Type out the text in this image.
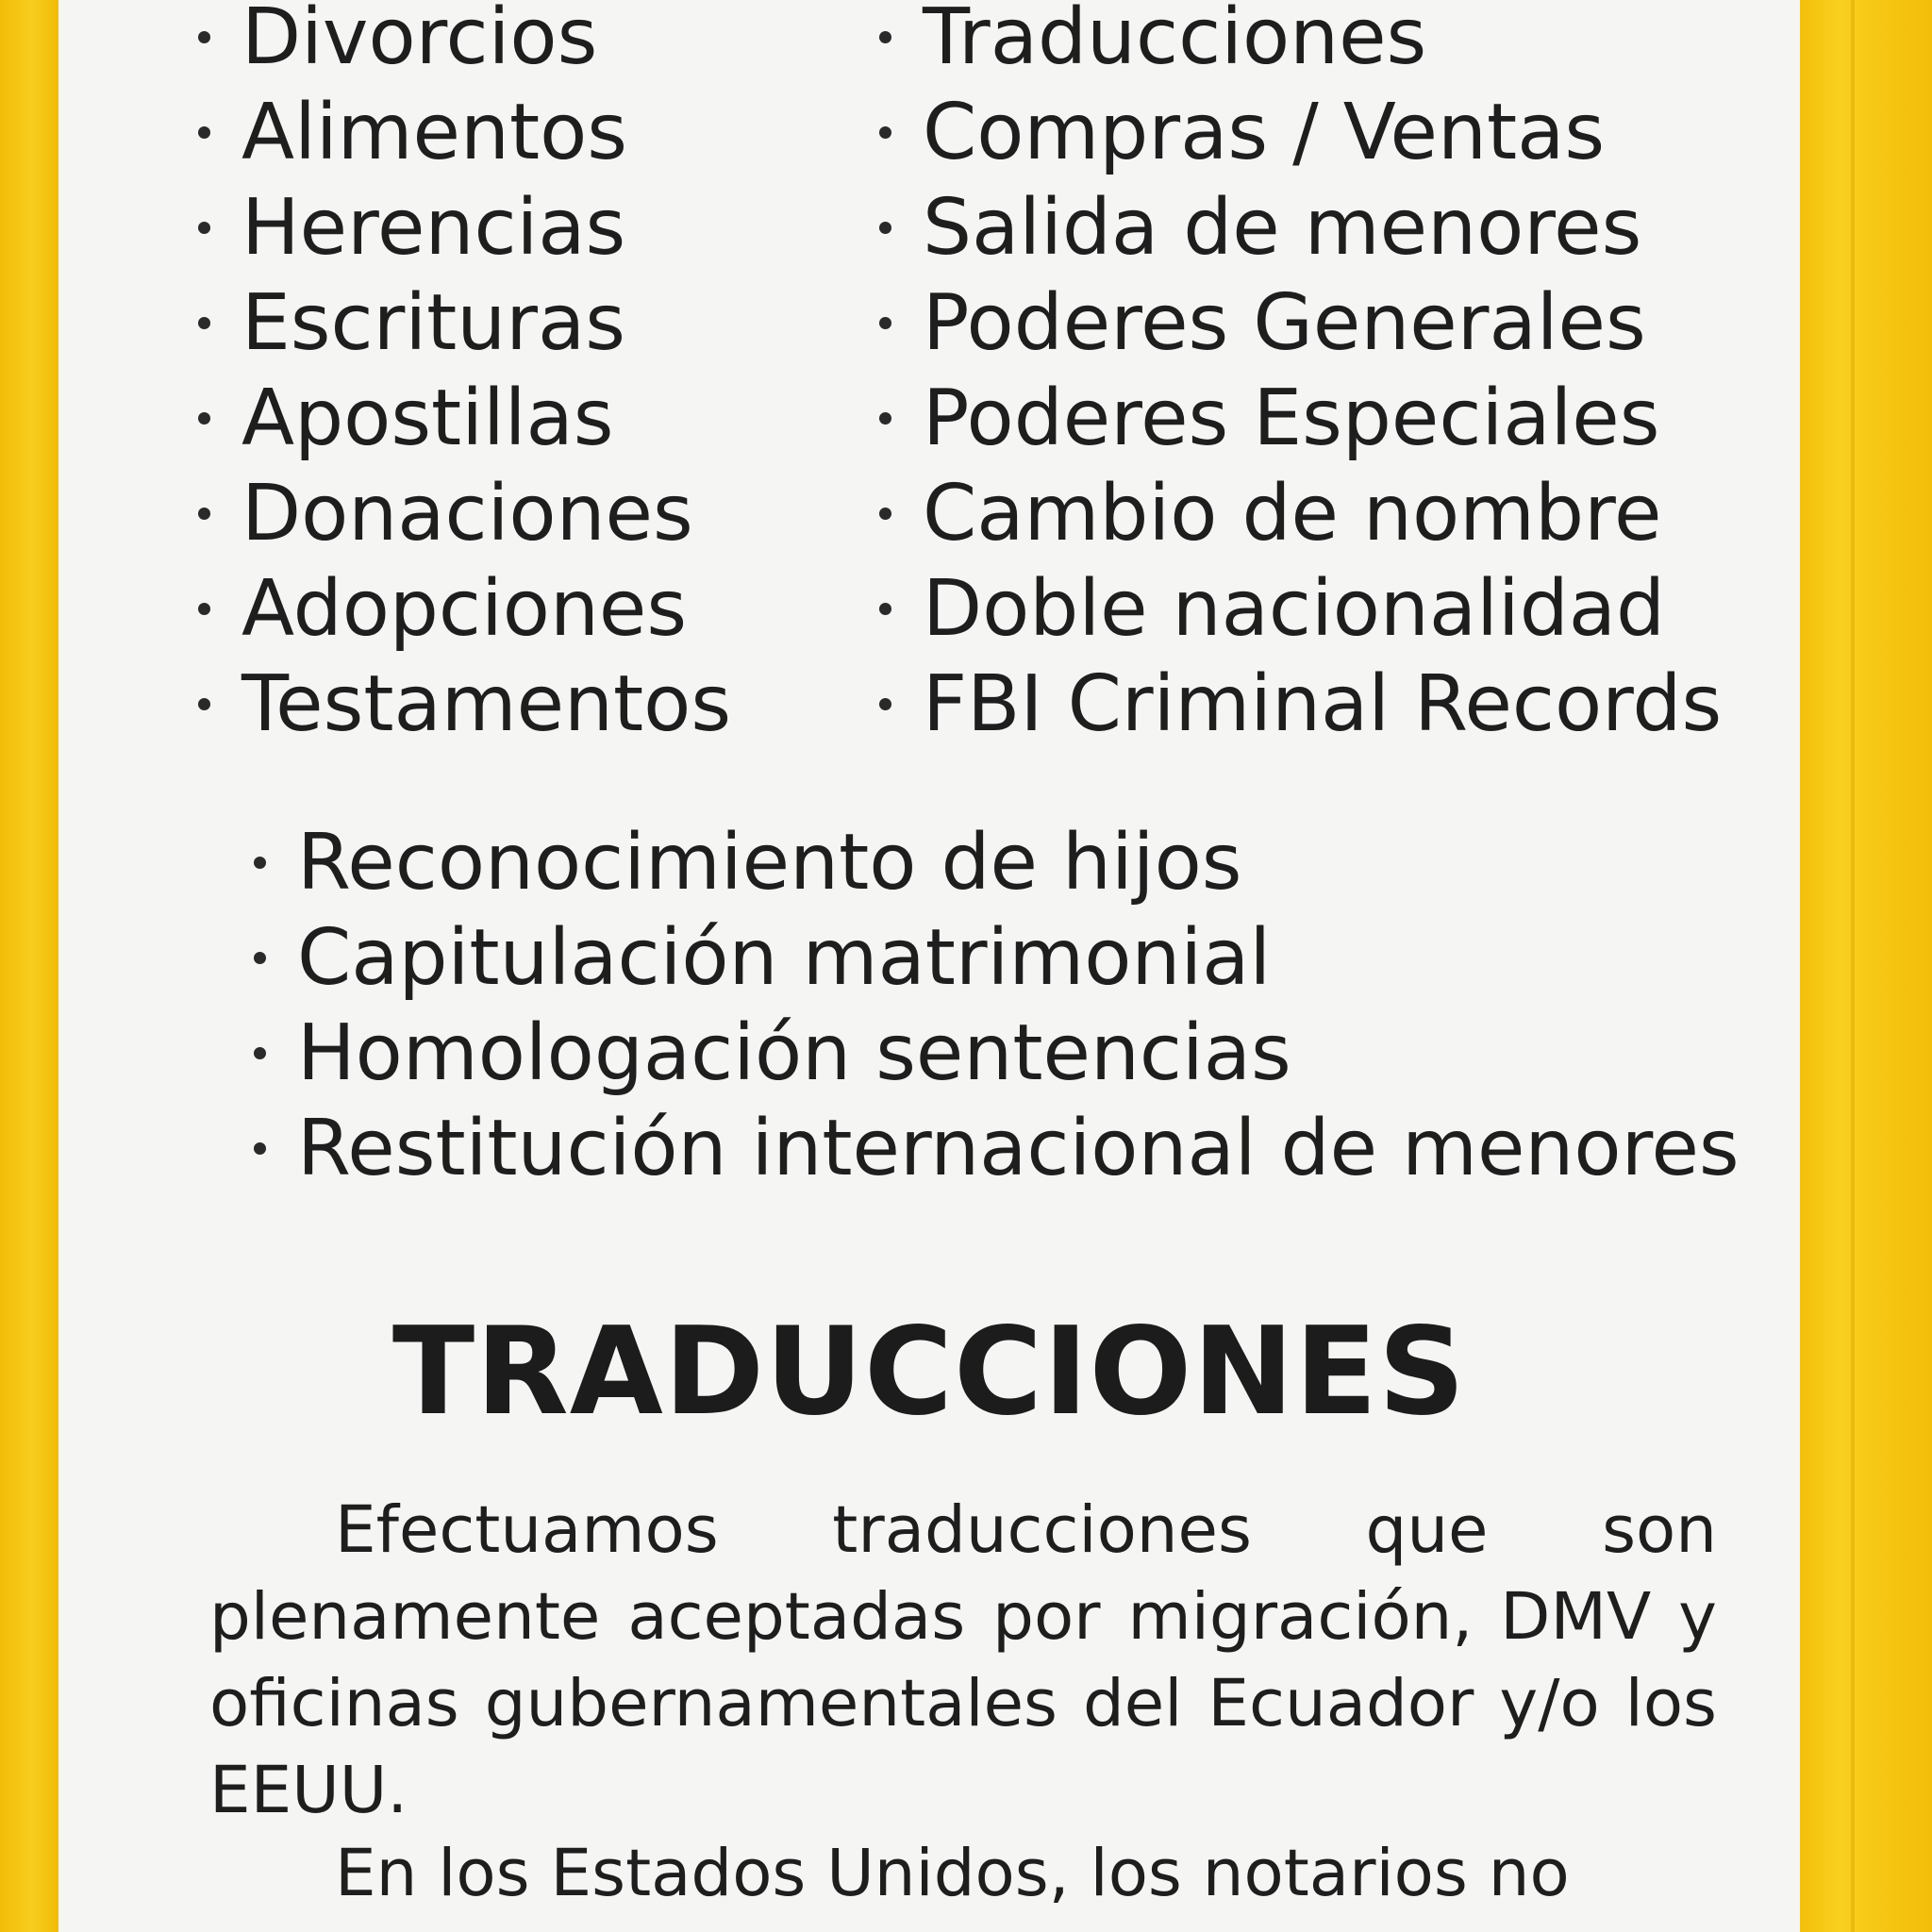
Divorcios
Alimentos
Herencias
Escrituras
Apostillas
Donaciones
Adopciones
Testamentos
Traducciones
Compras / Ventas
Salida de menores
Poderes Generales
Poderes Especiales
Cambio de nombre
Doble nacionalidad
FBI Criminal Records
Reconocimiento de hijos
Capitulación matrimonial
Homologación sentencias
Restitución internacional de menores
TRADUCCIONES

Efectuamos traducciones que son plenamente aceptadas por migración, DMV y oficinas gubernamentales del Ecuador y/o los EEUU.

En los Estados Unidos, los notarios no
